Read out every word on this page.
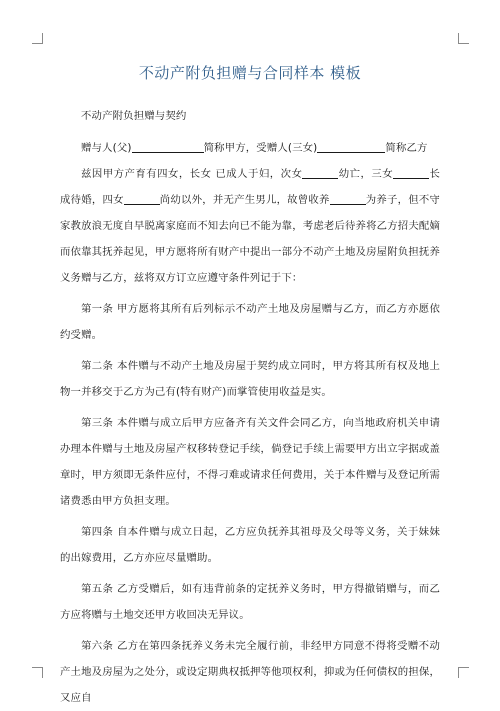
不动产附负担赠与合同样本 模板

不动产附负担赠与契约

赠与人(父)	简称甲方，受赠人(三女)	简称乙方

兹因甲方产育有四女，长女 已成人于妇，次女	幼亡，三女	长成待婚，四女	尚幼以外，并无产生男儿，故曾收养	为养子，但不守家教放浪无度自早脱离家庭而不知去向已不能为靠，考虑老后待养将乙方招夫配嫡而依靠其抚养起见，甲方愿将所有财产中提出一部分不动产土地及房屋附负担抚养义务赠与乙方，兹将双方订立应遵守条件列记于下：

第一条 甲方愿将其所有后列标示不动产土地及房屋赠与乙方，而乙方亦愿依约受赠。

第二条 本件赠与不动产土地及房屋于契约成立同时，甲方将其所有权及地上物一并移交于乙方为己有(特有财产)而掌管使用收益是实。

第三条 本件赠与成立后甲方应备齐有关文件会同乙方，向当地政府机关申请办理本件赠与土地及房屋产权移转登记手续，倘登记手续上需要甲方出立字据或盖章时，甲方须即无条件应付，不得刁难或请求任何费用，关于本件赠与及登记所需诸费悉由甲方负担支理。

第四条 自本件赠与成立日起，乙方应负抚养其祖母及父母等义务，关于妹妹的出嫁费用，乙方亦应尽量赠助。

第五条 乙方受赠后，如有违背前条的定抚养义务时，甲方得撤销赠与，而乙方应将赠与土地交还甲方收回决无异议。

第六条 乙方在第四条抚养义务未完全履行前，非经甲方同意不得将受赠不动产土地及房屋为之处分，或设定期典权抵押等他项权利，抑或为任何债权的担保，又应自
